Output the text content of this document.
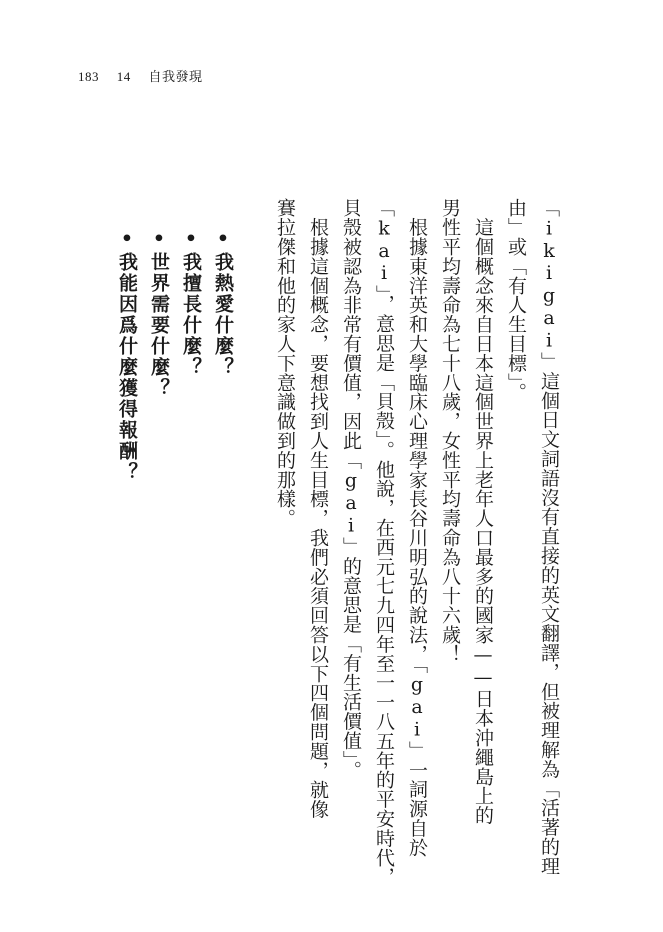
183 14 自我發現
「ikigai」這個日文詞語沒有直接的英文翻譯，但被理解為「活著的理
由」或「有人生目標」。
　這個概念來自日本這個世界上老年人口最多的國家——日本沖繩島上的
男性平均壽命為七十八歲，女性平均壽命為八十六歲！
　根據東洋英和大學臨床心理學家長谷川明弘的說法，「gai」一詞源自於
「kai」，意思是「貝殼」。他說，在西元七九四年至一一八五年的平安時代，
貝殼被認為非常有價值，因此「gai」的意思是「有生活價值」。
　根據這個概念，要想找到人生目標，我們必須回答以下四個問題，就像
賽拉傑和他的家人下意識做到的那樣。
•我熱愛什麼？
•我擅長什麼？
•世界需要什麼？
•我能因爲什麼獲得報酬？
